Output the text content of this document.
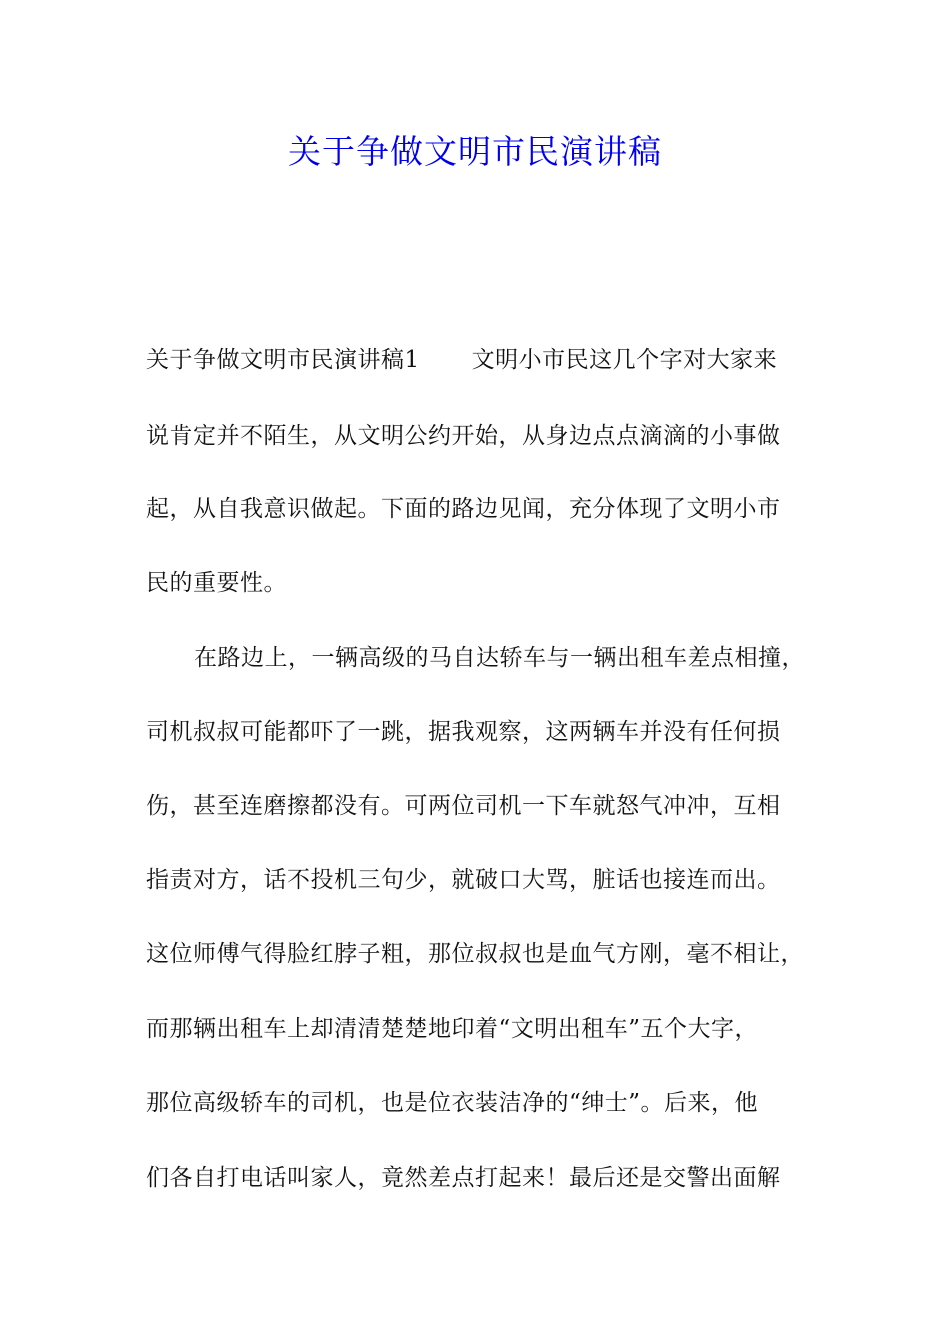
关于争做文明市民演讲稿
关于争做文明市民演讲稿1 文明小市民这几个字对大家来
说肯定并不陌生，从文明公约开始，从身边点点滴滴的小事做
起，从自我意识做起。下面的路边见闻，充分体现了文明小市
民的重要性。
在路边上，一辆高级的马自达轿车与一辆出租车差点相撞，
司机叔叔可能都吓了一跳，据我观察，这两辆车并没有任何损
伤，甚至连磨擦都没有。可两位司机一下车就怒气冲冲，互相
指责对方，话不投机三句少，就破口大骂，脏话也接连而出。
这位师傅气得脸红脖子粗，那位叔叔也是血气方刚，毫不相让，
而那辆出租车上却清清楚楚地印着“文明出租车”五个大字，
那位高级轿车的司机，也是位衣装洁净的“绅士”。后来，他
们各自打电话叫家人，竟然差点打起来！最后还是交警出面解
